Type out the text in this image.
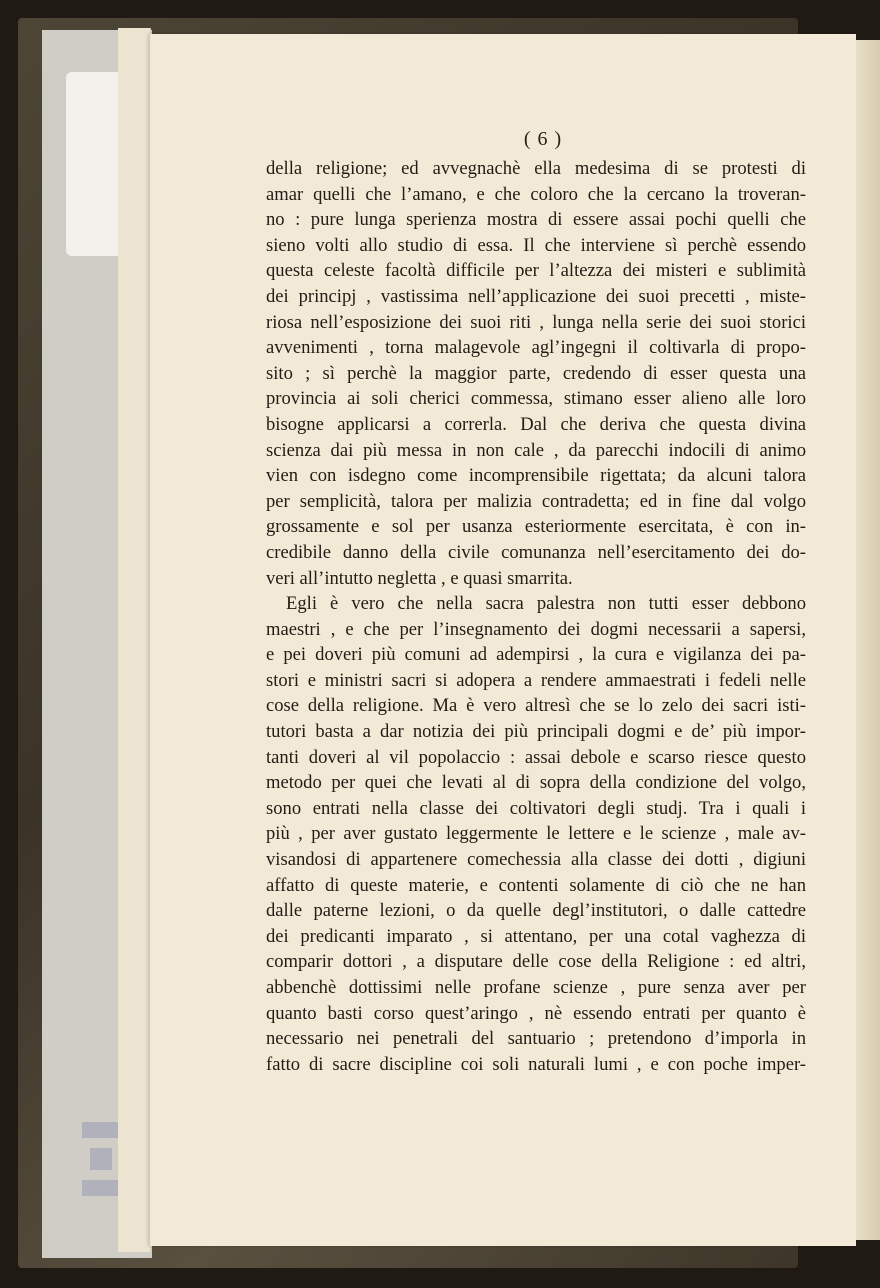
( 6 )
della religione; ed avvegnachè ella medesima di se protesti di
amar quelli che l’amano, e che coloro che la cercano la troveran-
no : pure lunga sperienza mostra di essere assai pochi quelli che
sieno volti allo studio di essa. Il che interviene sì perchè essendo
questa celeste facoltà difficile per l’altezza dei misteri e sublimità
dei principj , vastissima nell’applicazione dei suoi precetti , miste-
riosa nell’esposizione dei suoi riti , lunga nella serie dei suoi storici
avvenimenti , torna malagevole agl’ingegni il coltivarla di propo-
sito ; sì perchè la maggior parte, credendo di esser questa una
provincia ai soli cherici commessa, stimano esser alieno alle loro
bisogne applicarsi a correrla. Dal che deriva che questa divina
scienza dai più messa in non cale , da parecchi indocili di animo
vien con isdegno come incomprensibile rigettata; da alcuni talora
per semplicità, talora per malizia contradetta; ed in fine dal volgo
grossamente e sol per usanza esteriormente esercitata, è con in-
credibile danno della civile comunanza nell’esercitamento dei do-
veri all’intutto negletta , e quasi smarrita.
Egli è vero che nella sacra palestra non tutti esser debbono
maestri , e che per l’insegnamento dei dogmi necessarii a sapersi,
e pei doveri più comuni ad adempirsi , la cura e vigilanza dei pa-
stori e ministri sacri si adopera a rendere ammaestrati i fedeli nelle
cose della religione. Ma è vero altresì che se lo zelo dei sacri isti-
tutori basta a dar notizia dei più principali dogmi e de’ più impor-
tanti doveri al vil popolaccio : assai debole e scarso riesce questo
metodo per quei che levati al di sopra della condizione del volgo,
sono entrati nella classe dei coltivatori degli studj. Tra i quali i
più , per aver gustato leggermente le lettere e le scienze , male av-
visandosi di appartenere comechessia alla classe dei dotti , digiuni
affatto di queste materie, e contenti solamente di ciò che ne han
dalle paterne lezioni, o da quelle degl’institutori, o dalle cattedre
dei predicanti imparato , si attentano, per una cotal vaghezza di
comparir dottori , a disputare delle cose della Religione : ed altri,
abbenchè dottissimi nelle profane scienze , pure senza aver per
quanto basti corso quest’aringo , nè essendo entrati per quanto è
necessario nei penetrali del santuario ; pretendono d’imporla in
fatto di sacre discipline coi soli naturali lumi , e con poche imper-
